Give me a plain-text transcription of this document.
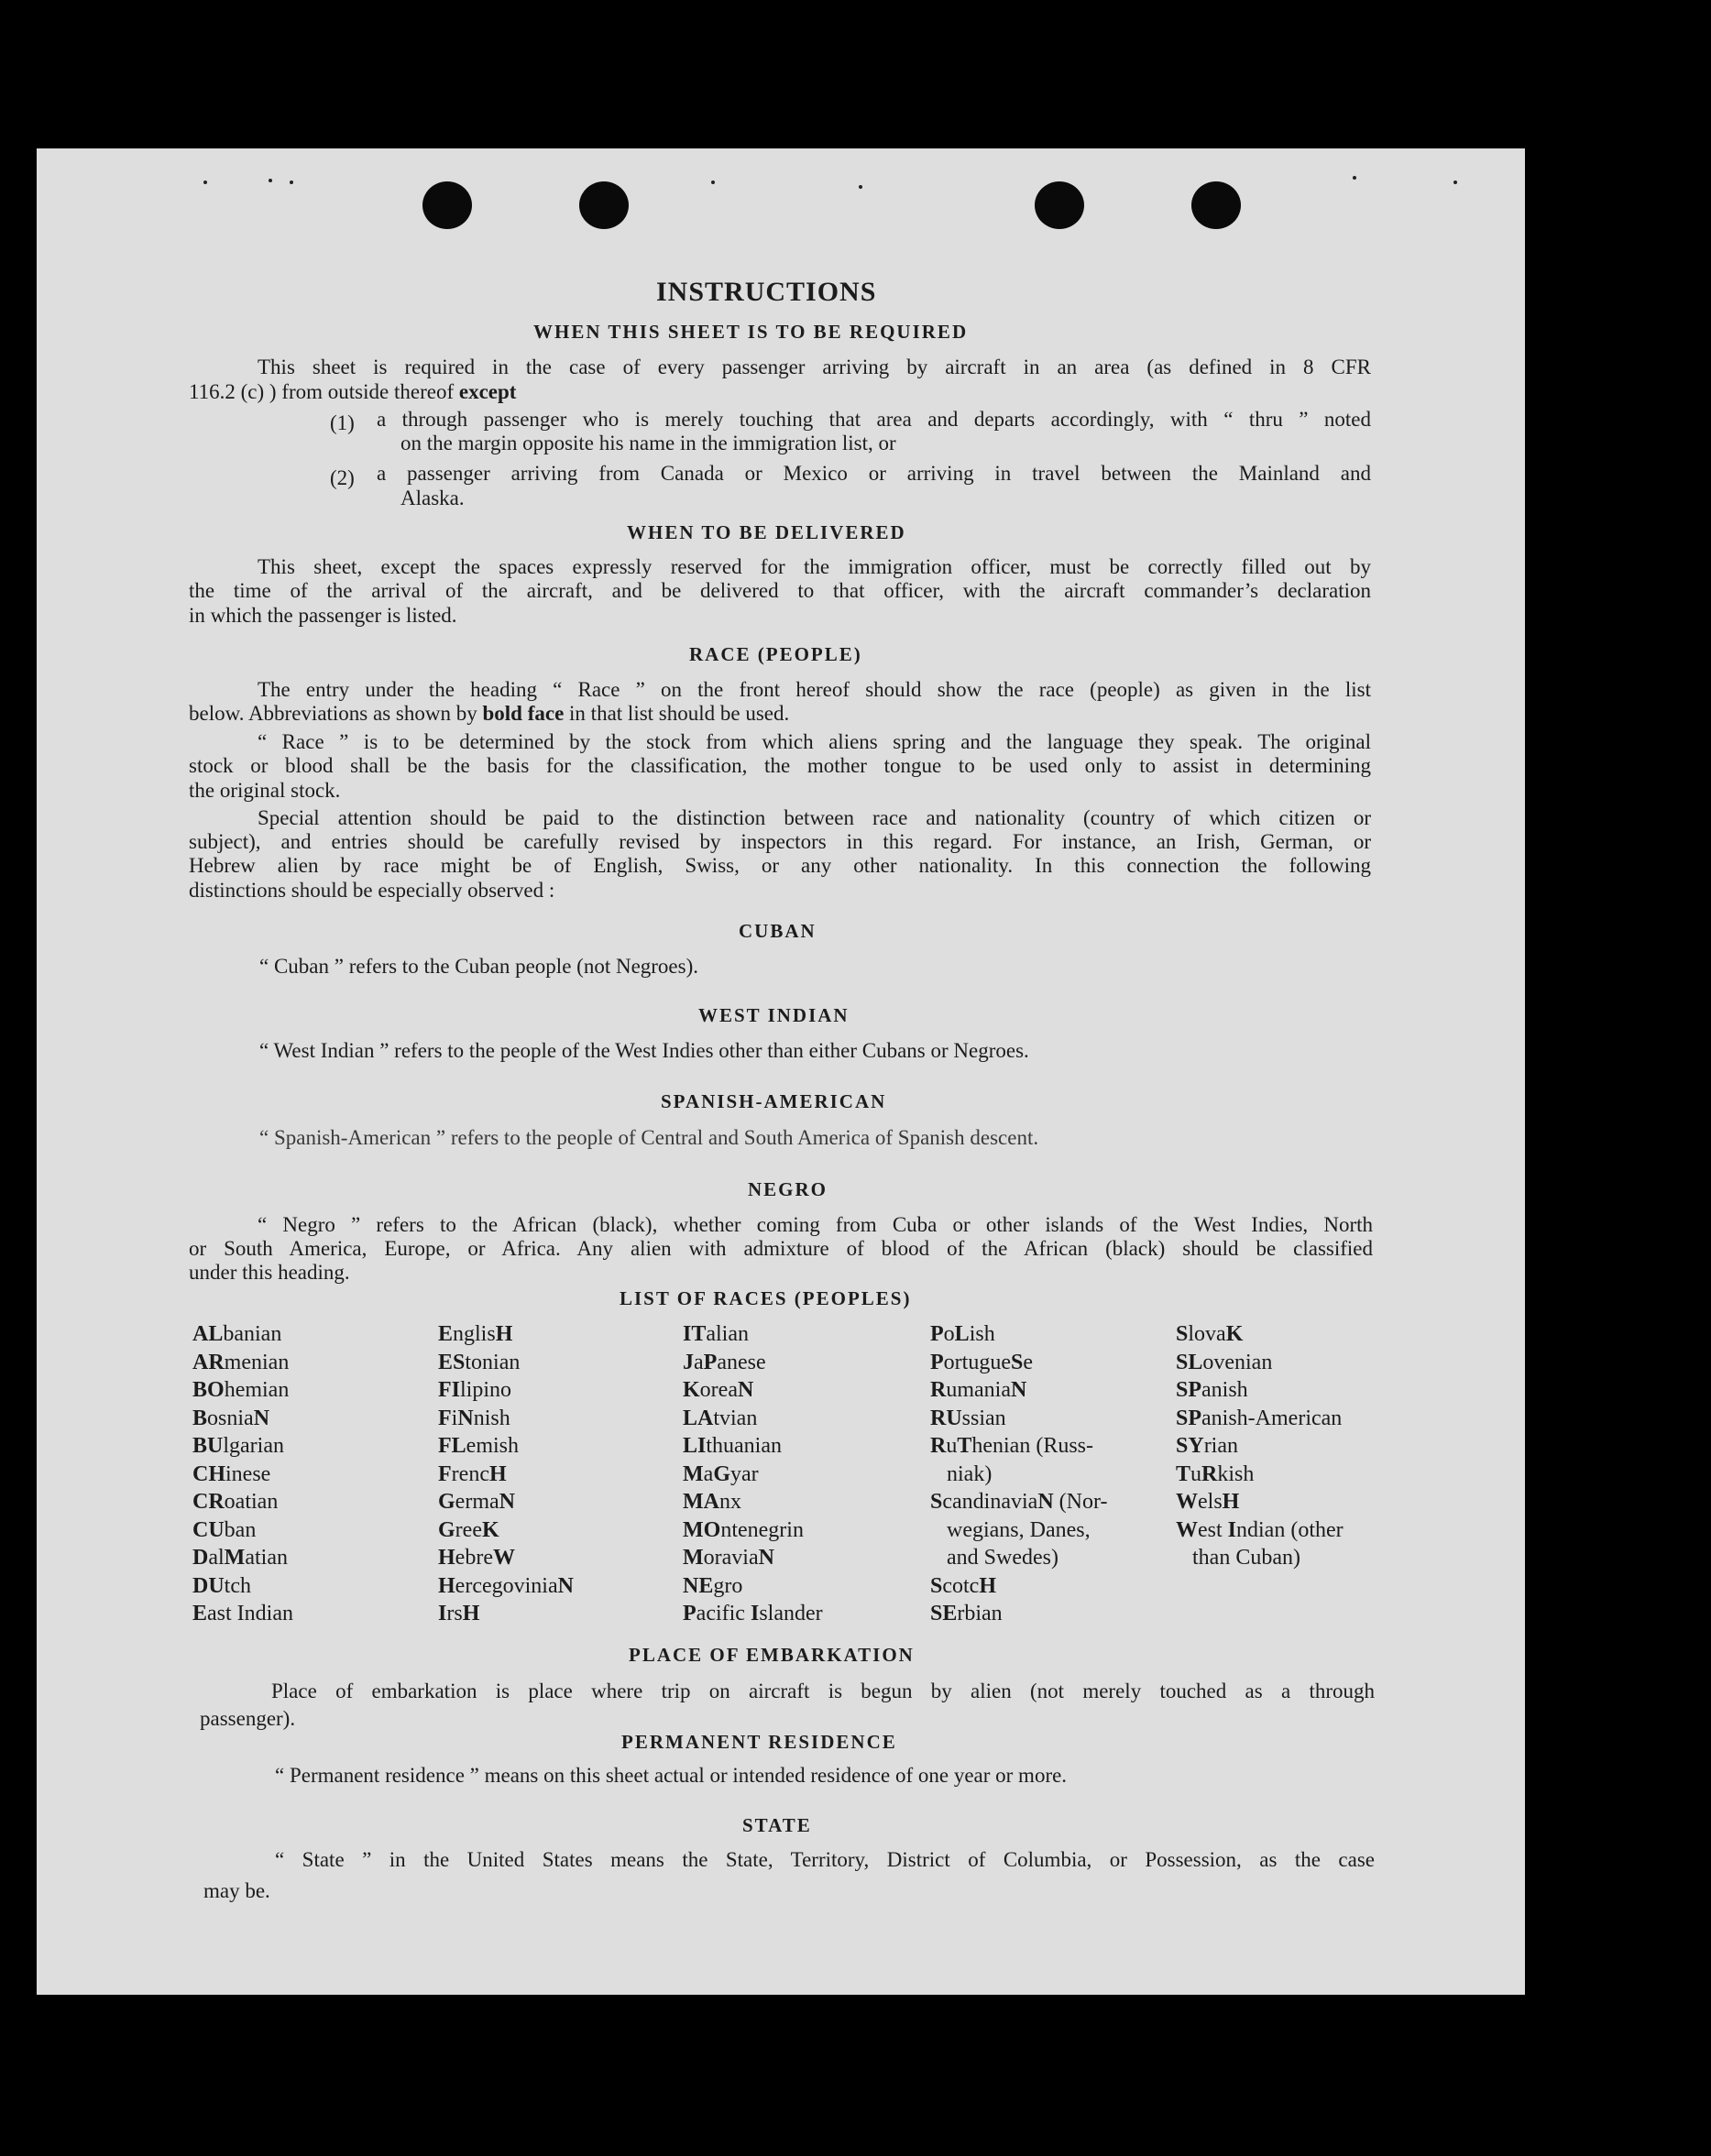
INSTRUCTIONS
WHEN THIS SHEET IS TO BE REQUIRED
This sheet is required in the case of every passenger arriving by aircraft in an area (as defined in 8 CFR
116.2 (c) ) from outside thereof except
(1) a through passenger who is merely touching that area and departs accordingly, with “ thru ” noted
on the margin opposite his name in the immigration list, or
(2) a passenger arriving from Canada or Mexico or arriving in travel between the Mainland and
Alaska.
WHEN TO BE DELIVERED
This sheet, except the spaces expressly reserved for the immigration officer, must be correctly filled out by
the time of the arrival of the aircraft, and be delivered to that officer, with the aircraft commander’s declaration
in which the passenger is listed.
RACE (PEOPLE)
The entry under the heading “ Race ” on the front hereof should show the race (people) as given in the list
below. Abbreviations as shown by bold face in that list should be used.
“ Race ” is to be determined by the stock from which aliens spring and the language they speak. The original
stock or blood shall be the basis for the classification, the mother tongue to be used only to assist in determining
the original stock.
Special attention should be paid to the distinction between race and nationality (country of which citizen or
subject), and entries should be carefully revised by inspectors in this regard. For instance, an Irish, German, or
Hebrew alien by race might be of English, Swiss, or any other nationality. In this connection the following
distinctions should be especially observed :
CUBAN
“ Cuban ” refers to the Cuban people (not Negroes).
WEST INDIAN
“ West Indian ” refers to the people of the West Indies other than either Cubans or Negroes.
SPANISH-AMERICAN
“ Spanish-American ” refers to the people of Central and South America of Spanish descent.
NEGRO
“ Negro ” refers to the African (black), whether coming from Cuba or other islands of the West Indies, North
or South America, Europe, or Africa. Any alien with admixture of blood of the African (black) should be classified
under this heading.
LIST OF RACES (PEOPLES)
ALbanian
ARmenian
BOhemian
BosniaN
BUlgarian
CHinese
CRoatian
CUban
DalMatian
DUtch
East Indian
EnglisH
EStonian
FIlipino
FiNnish
FLemish
FrencH
GermaN
GreeK
HebreW
HercegoviniaN
IrsH
ITalian
JaPanese
KoreaN
LAtvian
LIthuanian
MaGyar
MAnx
MOntenegrin
MoraviaN
NEgro
Pacific Islander
PoLish
PortugueSe
RumaniaN
RUssian
RuThenian (Russ-
niak)
ScandinaviaN (Nor-
wegians, Danes,
and Swedes)
ScotcH
SErbian
SlovaK
SLovenian
SPanish
SPanish-American
SYrian
TuRkish
WelsH
West Indian (other
than Cuban)
PLACE OF EMBARKATION
Place of embarkation is place where trip on aircraft is begun by alien (not merely touched as a through
passenger).
PERMANENT RESIDENCE
“ Permanent residence ” means on this sheet actual or intended residence of one year or more.
STATE
“ State ” in the United States means the State, Territory, District of Columbia, or Possession, as the case
may be.
